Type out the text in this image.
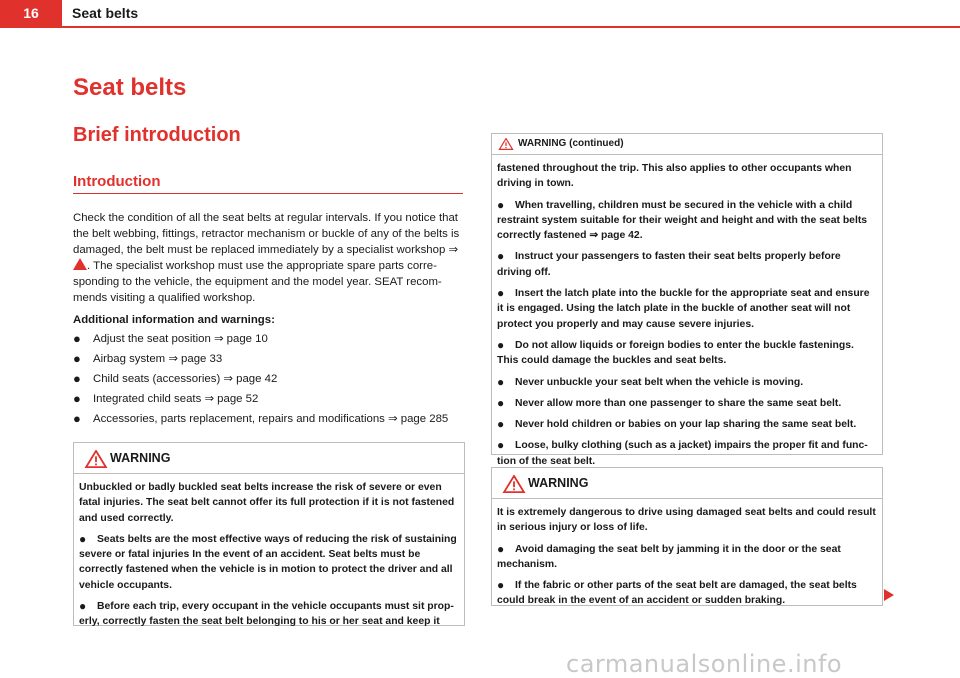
16	Seat belts
Seat belts
Brief introduction
Introduction
Check the condition of all the seat belts at regular intervals. If you notice that the belt webbing, fittings, retractor mechanism or buckle of any of the belts is damaged, the belt must be replaced immediately by a specialist workshop ⇒ . The specialist workshop must use the appropriate spare parts corre-sponding to the vehicle, the equipment and the model year. SEAT recom-mends visiting a qualified workshop.
Additional information and warnings:
● Adjust the seat position ⇒ page 10
● Airbag system ⇒ page 33
● Child seats (accessories) ⇒ page 42
● Integrated child seats ⇒ page 52
● Accessories, parts replacement, repairs and modifications ⇒ page 285
WARNING

Unbuckled or badly buckled seat belts increase the risk of severe or even fatal injuries. The seat belt cannot offer its full protection if it is not fastened and used correctly.

● Seats belts are the most effective ways of reducing the risk of sustaining severe or fatal injuries In the event of an accident. Seat belts must be correctly fastened when the vehicle is in motion to protect the driver and all vehicle occupants.

● Before each trip, every occupant in the vehicle occupants must sit prop-erly, correctly fasten the seat belt belonging to his or her seat and keep it

WARNING (continued)

fastened throughout the trip. This also applies to other occupants when driving in town.

● When travelling, children must be secured in the vehicle with a child restraint system suitable for their weight and height and with the seat belts correctly fastened ⇒ page 42.

● Instruct your passengers to fasten their seat belts properly before driving off.

● Insert the latch plate into the buckle for the appropriate seat and ensure it is engaged. Using the latch plate in the buckle of another seat will not protect you properly and may cause severe injuries.

● Do not allow liquids or foreign bodies to enter the buckle fastenings. This could damage the buckles and seat belts.

● Never unbuckle your seat belt when the vehicle is moving.

● Never allow more than one passenger to share the same seat belt.

● Never hold children or babies on your lap sharing the same seat belt.

● Loose, bulky clothing (such as a jacket) impairs the proper fit and func-tion of the seat belt.

WARNING

It is extremely dangerous to drive using damaged seat belts and could result in serious injury or loss of life.

● Avoid damaging the seat belt by jamming it in the door or the seat mechanism.

● If the fabric or other parts of the seat belt are damaged, the seat belts could break in the event of an accident or sudden braking.

carmanualsonline.info
